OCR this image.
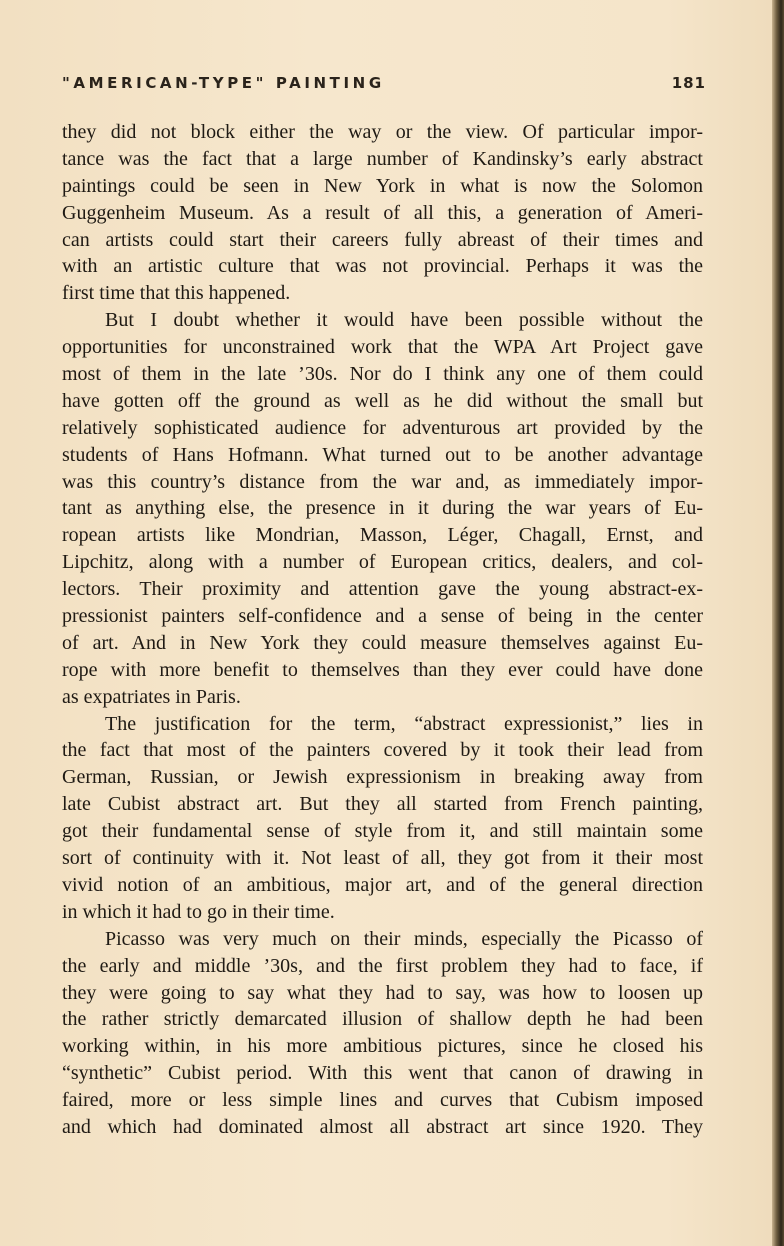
"AMERICAN-TYPE" PAINTING	181

they did not block either the way or the view. Of particular impor-
tance was the fact that a large number of Kandinsky’s early abstract
paintings could be seen in New York in what is now the Solomon
Guggenheim Museum. As a result of all this, a generation of Ameri-
can artists could start their careers fully abreast of their times and
with an artistic culture that was not provincial. Perhaps it was the
first time that this happened.

But I doubt whether it would have been possible without the
opportunities for unconstrained work that the WPA Art Project gave
most of them in the late ’30s. Nor do I think any one of them could
have gotten off the ground as well as he did without the small but
relatively sophisticated audience for adventurous art provided by the
students of Hans Hofmann. What turned out to be another advantage
was this country’s distance from the war and, as immediately impor-
tant as anything else, the presence in it during the war years of Eu-
ropean artists like Mondrian, Masson, Léger, Chagall, Ernst, and
Lipchitz, along with a number of European critics, dealers, and col-
lectors. Their proximity and attention gave the young abstract-ex-
pressionist painters self-confidence and a sense of being in the center
of art. And in New York they could measure themselves against Eu-
rope with more benefit to themselves than they ever could have done
as expatriates in Paris.

The justification for the term, “abstract expressionist,” lies in
the fact that most of the painters covered by it took their lead from
German, Russian, or Jewish expressionism in breaking away from
late Cubist abstract art. But they all started from French painting,
got their fundamental sense of style from it, and still maintain some
sort of continuity with it. Not least of all, they got from it their most
vivid notion of an ambitious, major art, and of the general direction
in which it had to go in their time.

Picasso was very much on their minds, especially the Picasso of
the early and middle ’30s, and the first problem they had to face, if
they were going to say what they had to say, was how to loosen up
the rather strictly demarcated illusion of shallow depth he had been
working within, in his more ambitious pictures, since he closed his
“synthetic” Cubist period. With this went that canon of drawing in
faired, more or less simple lines and curves that Cubism imposed
and which had dominated almost all abstract art since 1920. They
